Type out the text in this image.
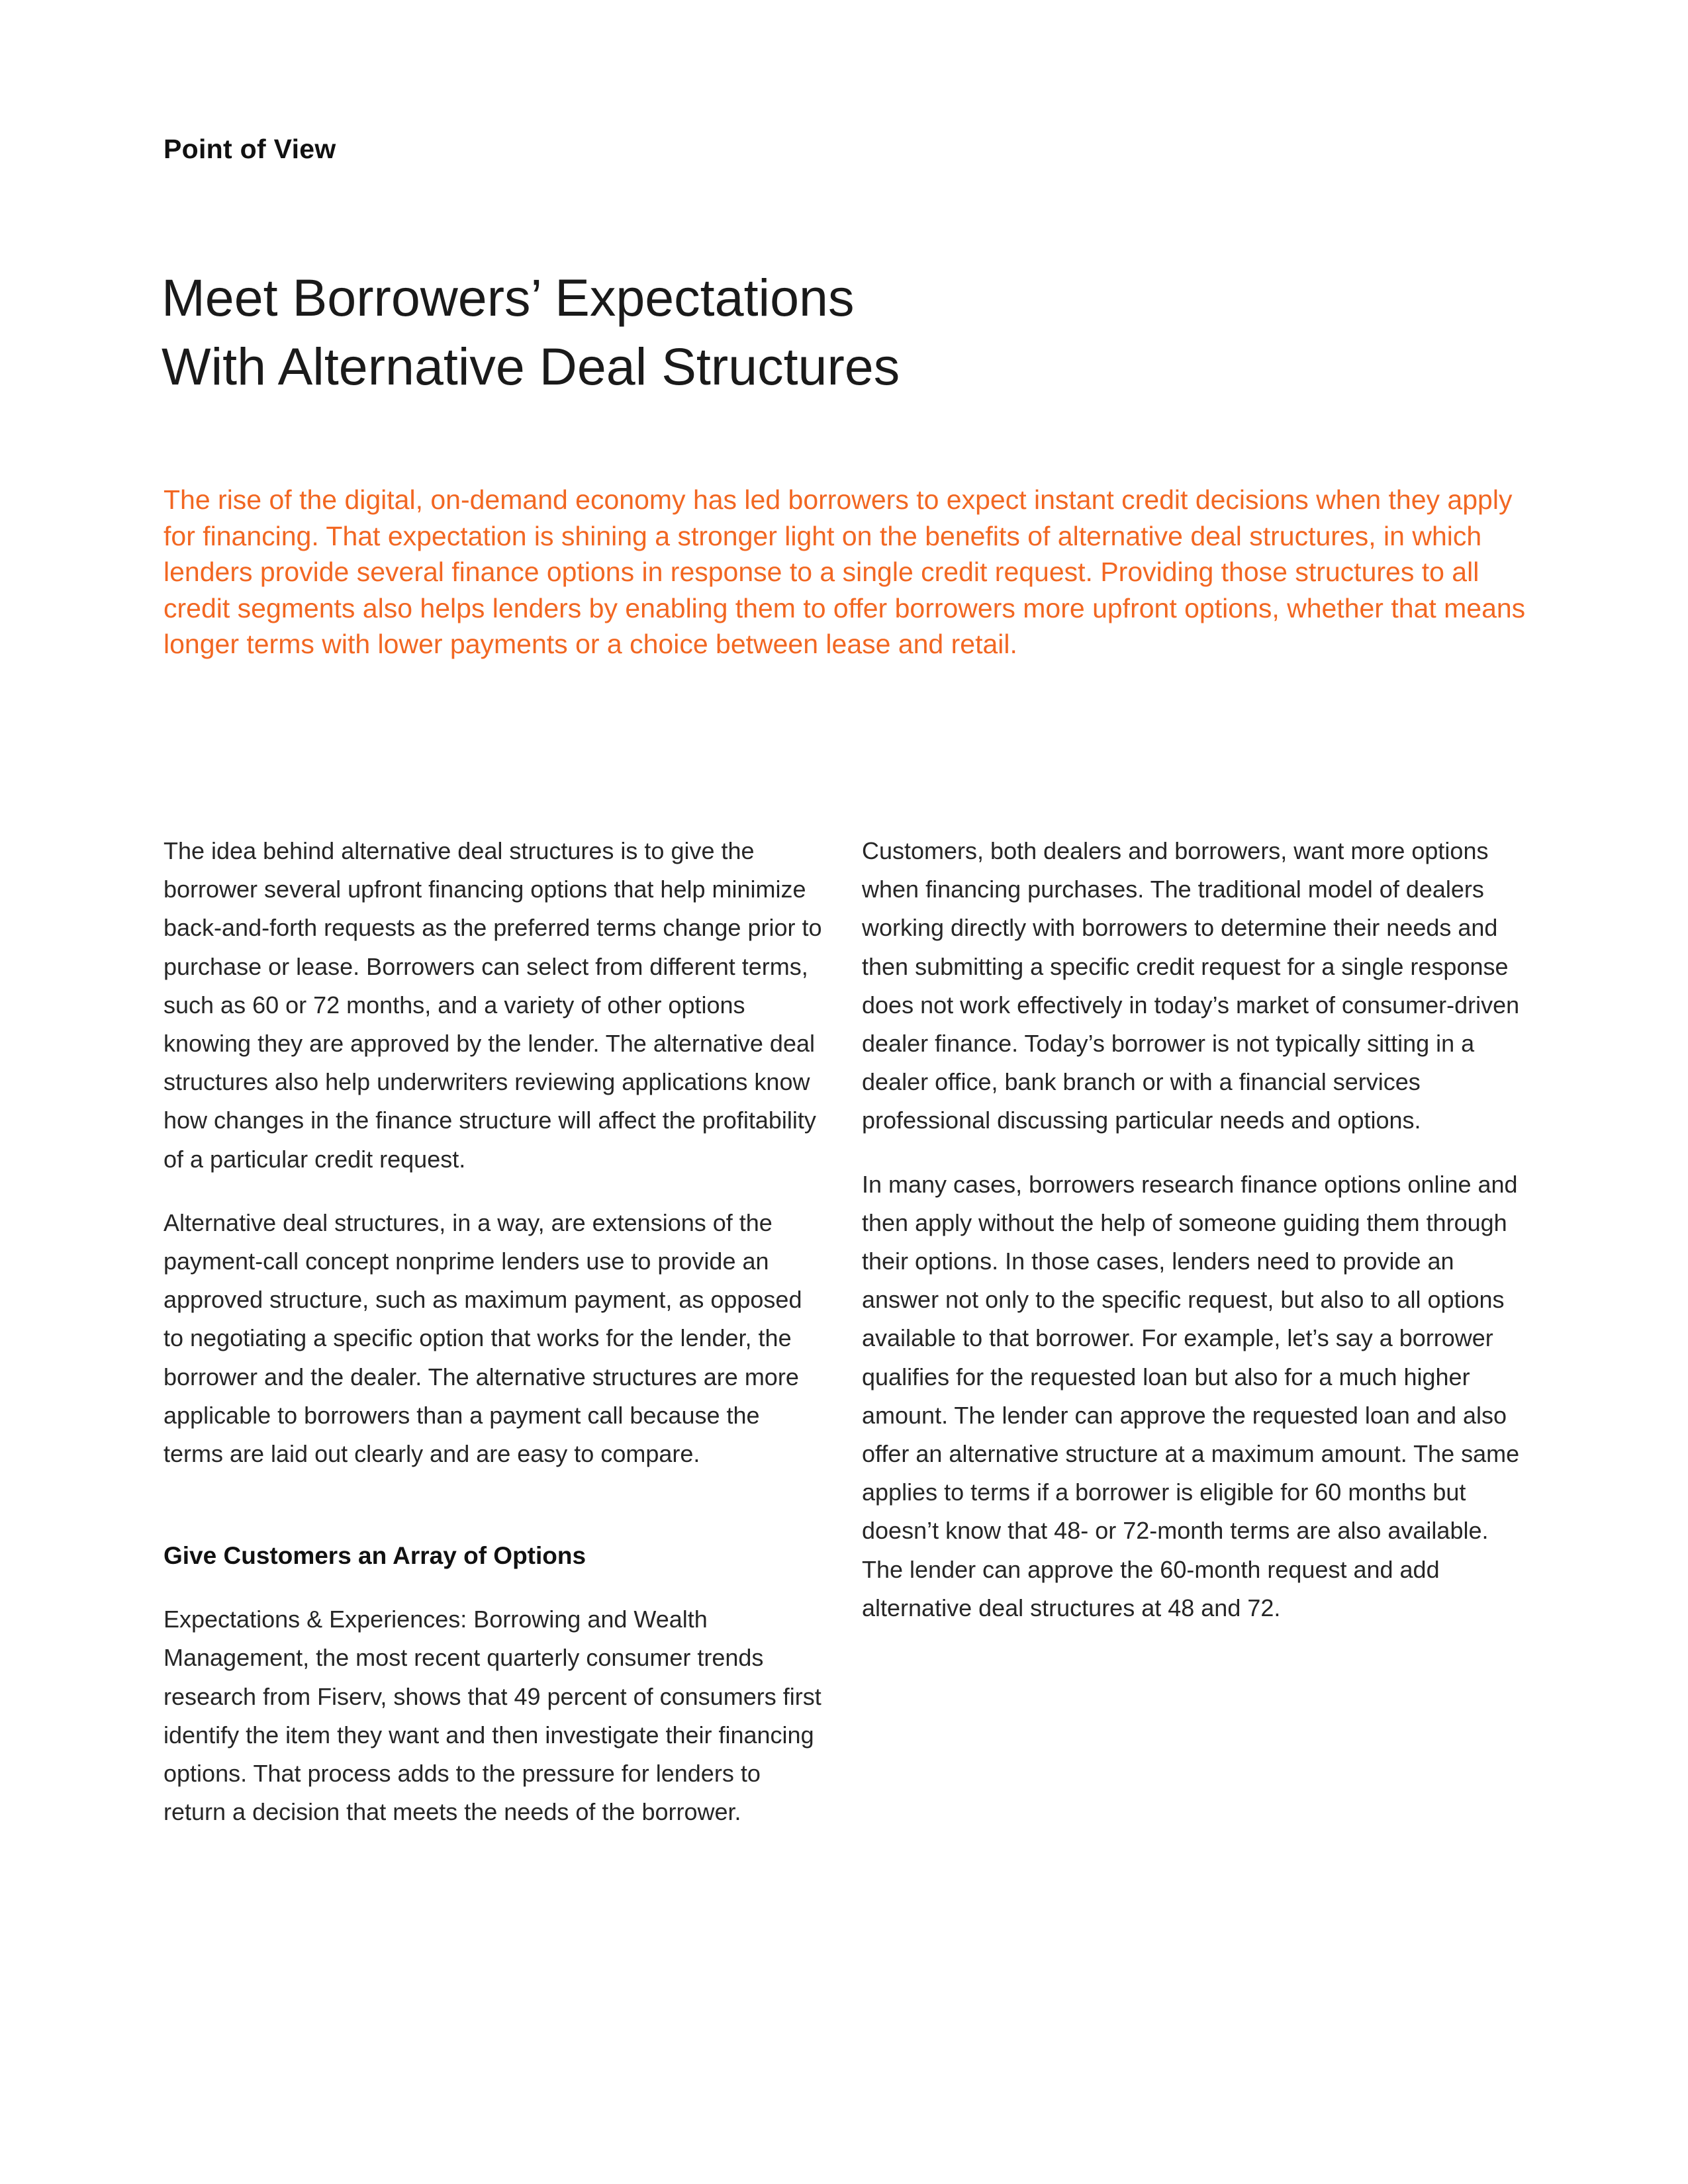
Point of View
Meet Borrowers’ Expectations
With Alternative Deal Structures

The rise of the digital, on-demand economy has led borrowers to expect instant credit decisions when they apply for financing. That expectation is shining a stronger light on the benefits of alternative deal structures, in which lenders provide several finance options in response to a single credit request. Providing those structures to all credit segments also helps lenders by enabling them to offer borrowers more upfront options, whether that means longer terms with lower payments or a choice between lease and retail.

The idea behind alternative deal structures is to give the borrower several upfront financing options that help minimize back-and-forth requests as the preferred terms change prior to purchase or lease. Borrowers can select from different terms, such as 60 or 72 months, and a variety of other options knowing they are approved by the lender. The alternative deal structures also help underwriters reviewing applications know how changes in the finance structure will affect the profitability of a particular credit request.

Alternative deal structures, in a way, are extensions of the payment-call concept nonprime lenders use to provide an approved structure, such as maximum payment, as opposed to negotiating a specific option that works for the lender, the borrower and the dealer. The alternative structures are more applicable to borrowers than a payment call because the terms are laid out clearly and are easy to compare.

Give Customers an Array of Options

Expectations & Experiences: Borrowing and Wealth Management, the most recent quarterly consumer trends research from Fiserv, shows that 49 percent of consumers first identify the item they want and then investigate their financing options. That process adds to the pressure for lenders to return a decision that meets the needs of the borrower.

Customers, both dealers and borrowers, want more options when financing purchases. The traditional model of dealers working directly with borrowers to determine their needs and then submitting a specific credit request for a single response does not work effectively in today’s market of consumer-driven dealer finance. Today’s borrower is not typically sitting in a dealer office, bank branch or with a financial services professional discussing particular needs and options.

In many cases, borrowers research finance options online and then apply without the help of someone guiding them through their options. In those cases, lenders need to provide an answer not only to the specific request, but also to all options available to that borrower. For example, let’s say a borrower qualifies for the requested loan but also for a much higher amount. The lender can approve the requested loan and also offer an alternative structure at a maximum amount. The same applies to terms if a borrower is eligible for 60 months but doesn’t know that 48- or 72-month terms are also available. The lender can approve the 60-month request and add alternative deal structures at 48 and 72.
